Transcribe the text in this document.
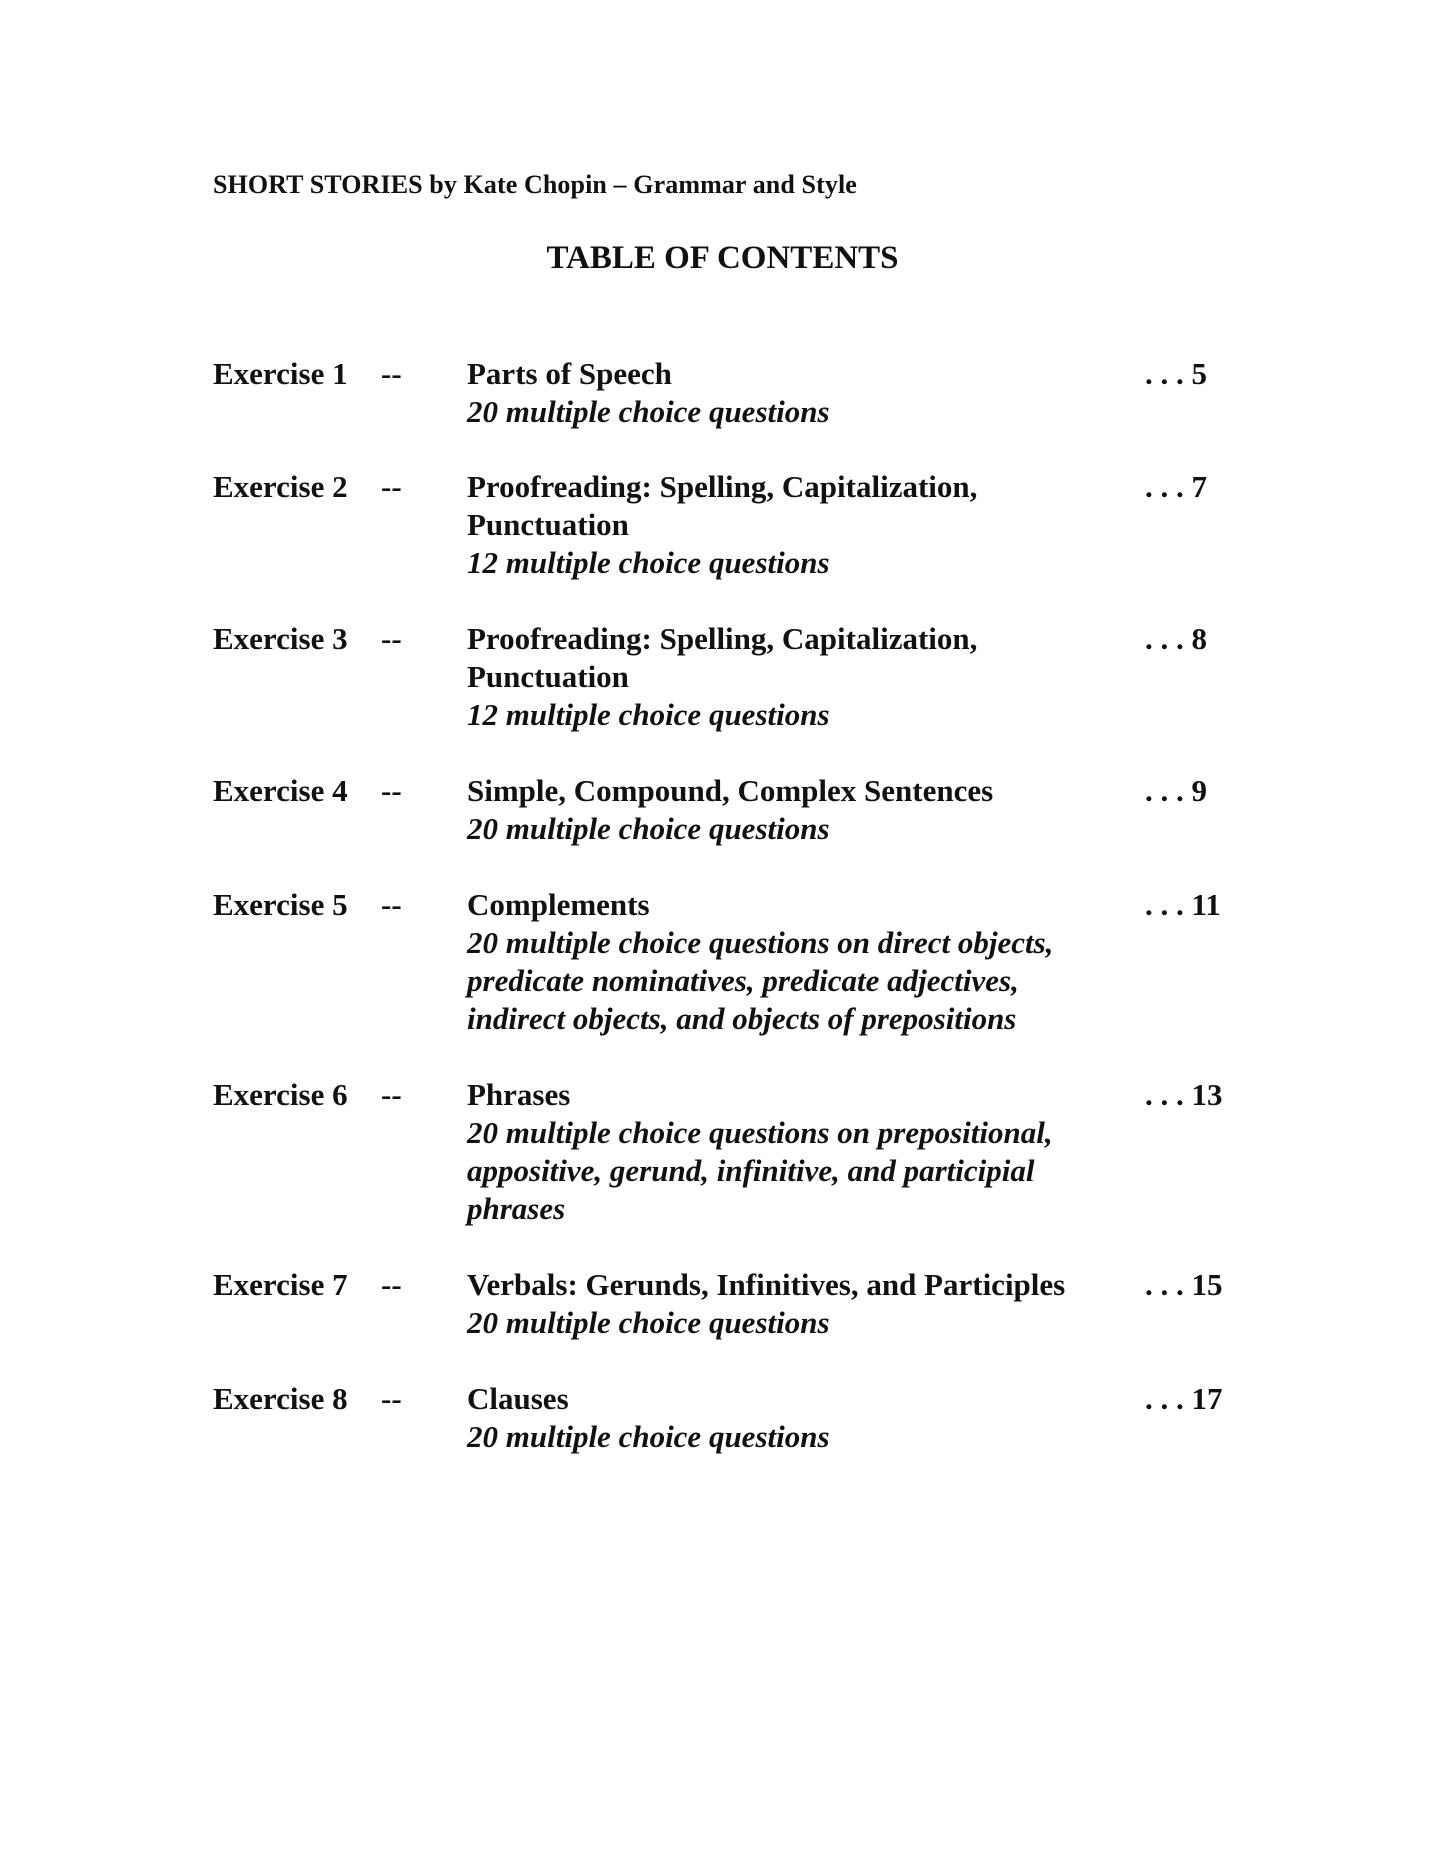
SHORT STORIES by Kate Chopin – Grammar and Style
TABLE OF CONTENTS
Exercise 1 -- Parts of Speech
20 multiple choice questions
. . . 5
Exercise 2 -- Proofreading: Spelling, Capitalization, Punctuation
12 multiple choice questions
. . . 7
Exercise 3 -- Proofreading: Spelling, Capitalization, Punctuation
12 multiple choice questions
. . . 8
Exercise 4 -- Simple, Compound, Complex Sentences
20 multiple choice questions
. . . 9
Exercise 5 -- Complements
20 multiple choice questions on direct objects, predicate nominatives, predicate adjectives, indirect objects, and objects of prepositions
. . . 11
Exercise 6 -- Phrases
20 multiple choice questions on prepositional, appositive, gerund, infinitive, and participial phrases
. . . 13
Exercise 7 -- Verbals: Gerunds, Infinitives, and Participles
20 multiple choice questions
. . . 15
Exercise 8 -- Clauses
20 multiple choice questions
. . . 17
